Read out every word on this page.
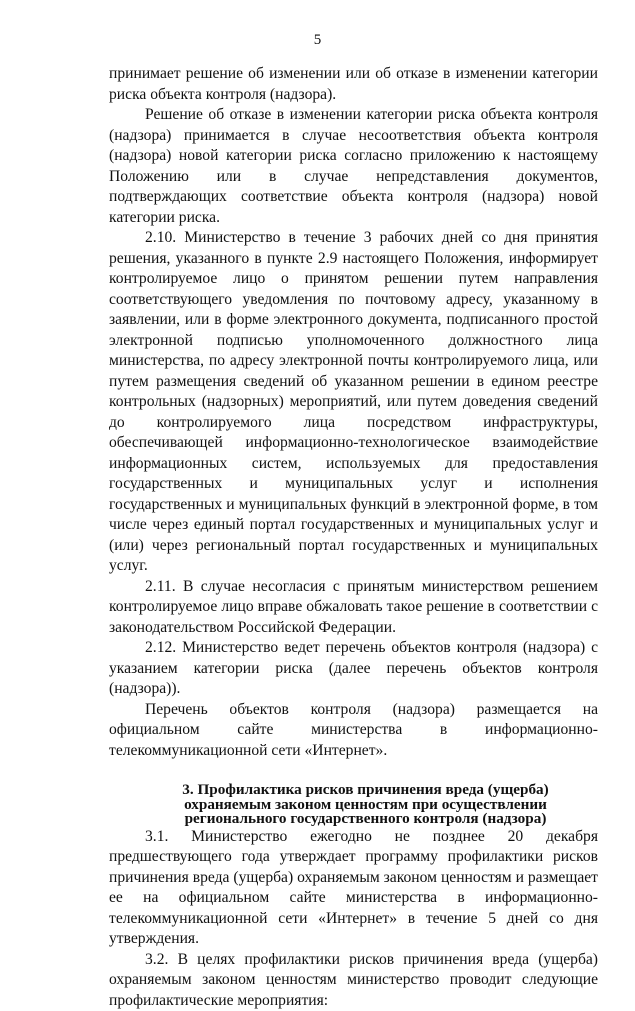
5

принимает решение об изменении или об отказе в изменении категории риска объекта контроля (надзора).

Решение об отказе в изменении категории риска объекта контроля (надзора) принимается в случае несоответствия объекта контроля (надзора) новой категории риска согласно приложению к настоящему Положению или в случае непредставления документов, подтверждающих соответствие объекта контроля (надзора) новой категории риска.

2.10. Министерство в течение 3 рабочих дней со дня принятия решения, указанного в пункте 2.9 настоящего Положения, информирует контролируемое лицо о принятом решении путем направления соответствующего уведомления по почтовому адресу, указанному в заявлении, или в форме электронного документа, подписанного простой электронной подписью уполномоченного должностного лица министерства, по адресу электронной почты контролируемого лица, или путем размещения сведений об указанном решении в едином реестре контрольных (надзорных) мероприятий, или путем доведения сведений до контролируемого лица посредством инфраструктуры, обеспечивающей информационно-технологическое взаимодействие информационных систем, используемых для предоставления государственных и муниципальных услуг и исполнения государственных и муниципальных функций в электронной форме, в том числе через единый портал государственных и муниципальных услуг и (или) через региональный портал государственных и муниципальных услуг.

2.11. В случае несогласия с принятым министерством решением контролируемое лицо вправе обжаловать такое решение в соответствии с законодательством Российской Федерации.

2.12. Министерство ведет перечень объектов контроля (надзора) с указанием категории риска (далее перечень объектов контроля (надзора)).

Перечень объектов контроля (надзора) размещается на официальном сайте министерства в информационно-телекоммуникационной сети «Интернет».

3. Профилактика рисков причинения вреда (ущерба) охраняемым законом ценностям при осуществлении регионального государственного контроля (надзора)

3.1. Министерство ежегодно не позднее 20 декабря предшествующего года утверждает программу профилактики рисков причинения вреда (ущерба) охраняемым законом ценностям и размещает ее на официальном сайте министерства в информационно-телекоммуникационной сети «Интернет» в течение 5 дней со дня утверждения.

3.2. В целях профилактики рисков причинения вреда (ущерба) охраняемым законом ценностям министерство проводит следующие профилактические мероприятия:
